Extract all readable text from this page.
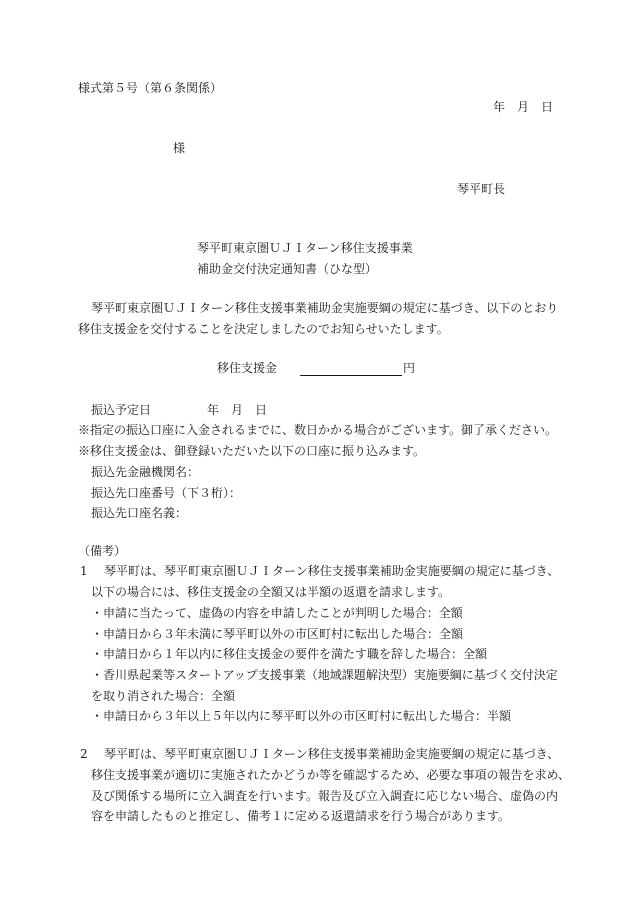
様式第５号（第６条関係）
年　月　日
様
琴平町長
琴平町東京圏ＵＪＩターン移住支援事業
補助金交付決定通知書（ひな型）
琴平町東京圏ＵＪＩターン移住支援事業補助金実施要綱の規定に基づき、以下のとおり
移住支援金を交付することを決定しましたのでお知らせいたします。
移住支援金	円
振込予定日	年　月　日
※指定の振込口座に入金されるまでに、数日かかる場合がございます。御了承ください。
※移住支援金は、御登録いただいた以下の口座に振り込みます。
振込先金融機関名：
振込先口座番号（下３桁）：
振込先口座名義：
（備考）
1 琴平町は、琴平町東京圏ＵＪＩターン移住支援事業補助金実施要綱の規定に基づき、
以下の場合には、移住支援金の全額又は半額の返還を請求します。
・申請に当たって、虚偽の内容を申請したことが判明した場合：全額
・申請日から３年未満に琴平町以外の市区町村に転出した場合：全額
・申請日から１年以内に移住支援金の要件を満たす職を辞した場合：全額
・香川県起業等スタートアップ支援事業（地域課題解決型）実施要綱に基づく交付決定
を取り消された場合：全額
・申請日から３年以上５年以内に琴平町以外の市区町村に転出した場合：半額
2 琴平町は、琴平町東京圏ＵＪＩターン移住支援事業補助金実施要綱の規定に基づき、
移住支援事業が適切に実施されたかどうか等を確認するため、必要な事項の報告を求め、
及び関係する場所に立入調査を行います。報告及び立入調査に応じない場合、虚偽の内
容を申請したものと推定し、備考１に定める返還請求を行う場合があります。
